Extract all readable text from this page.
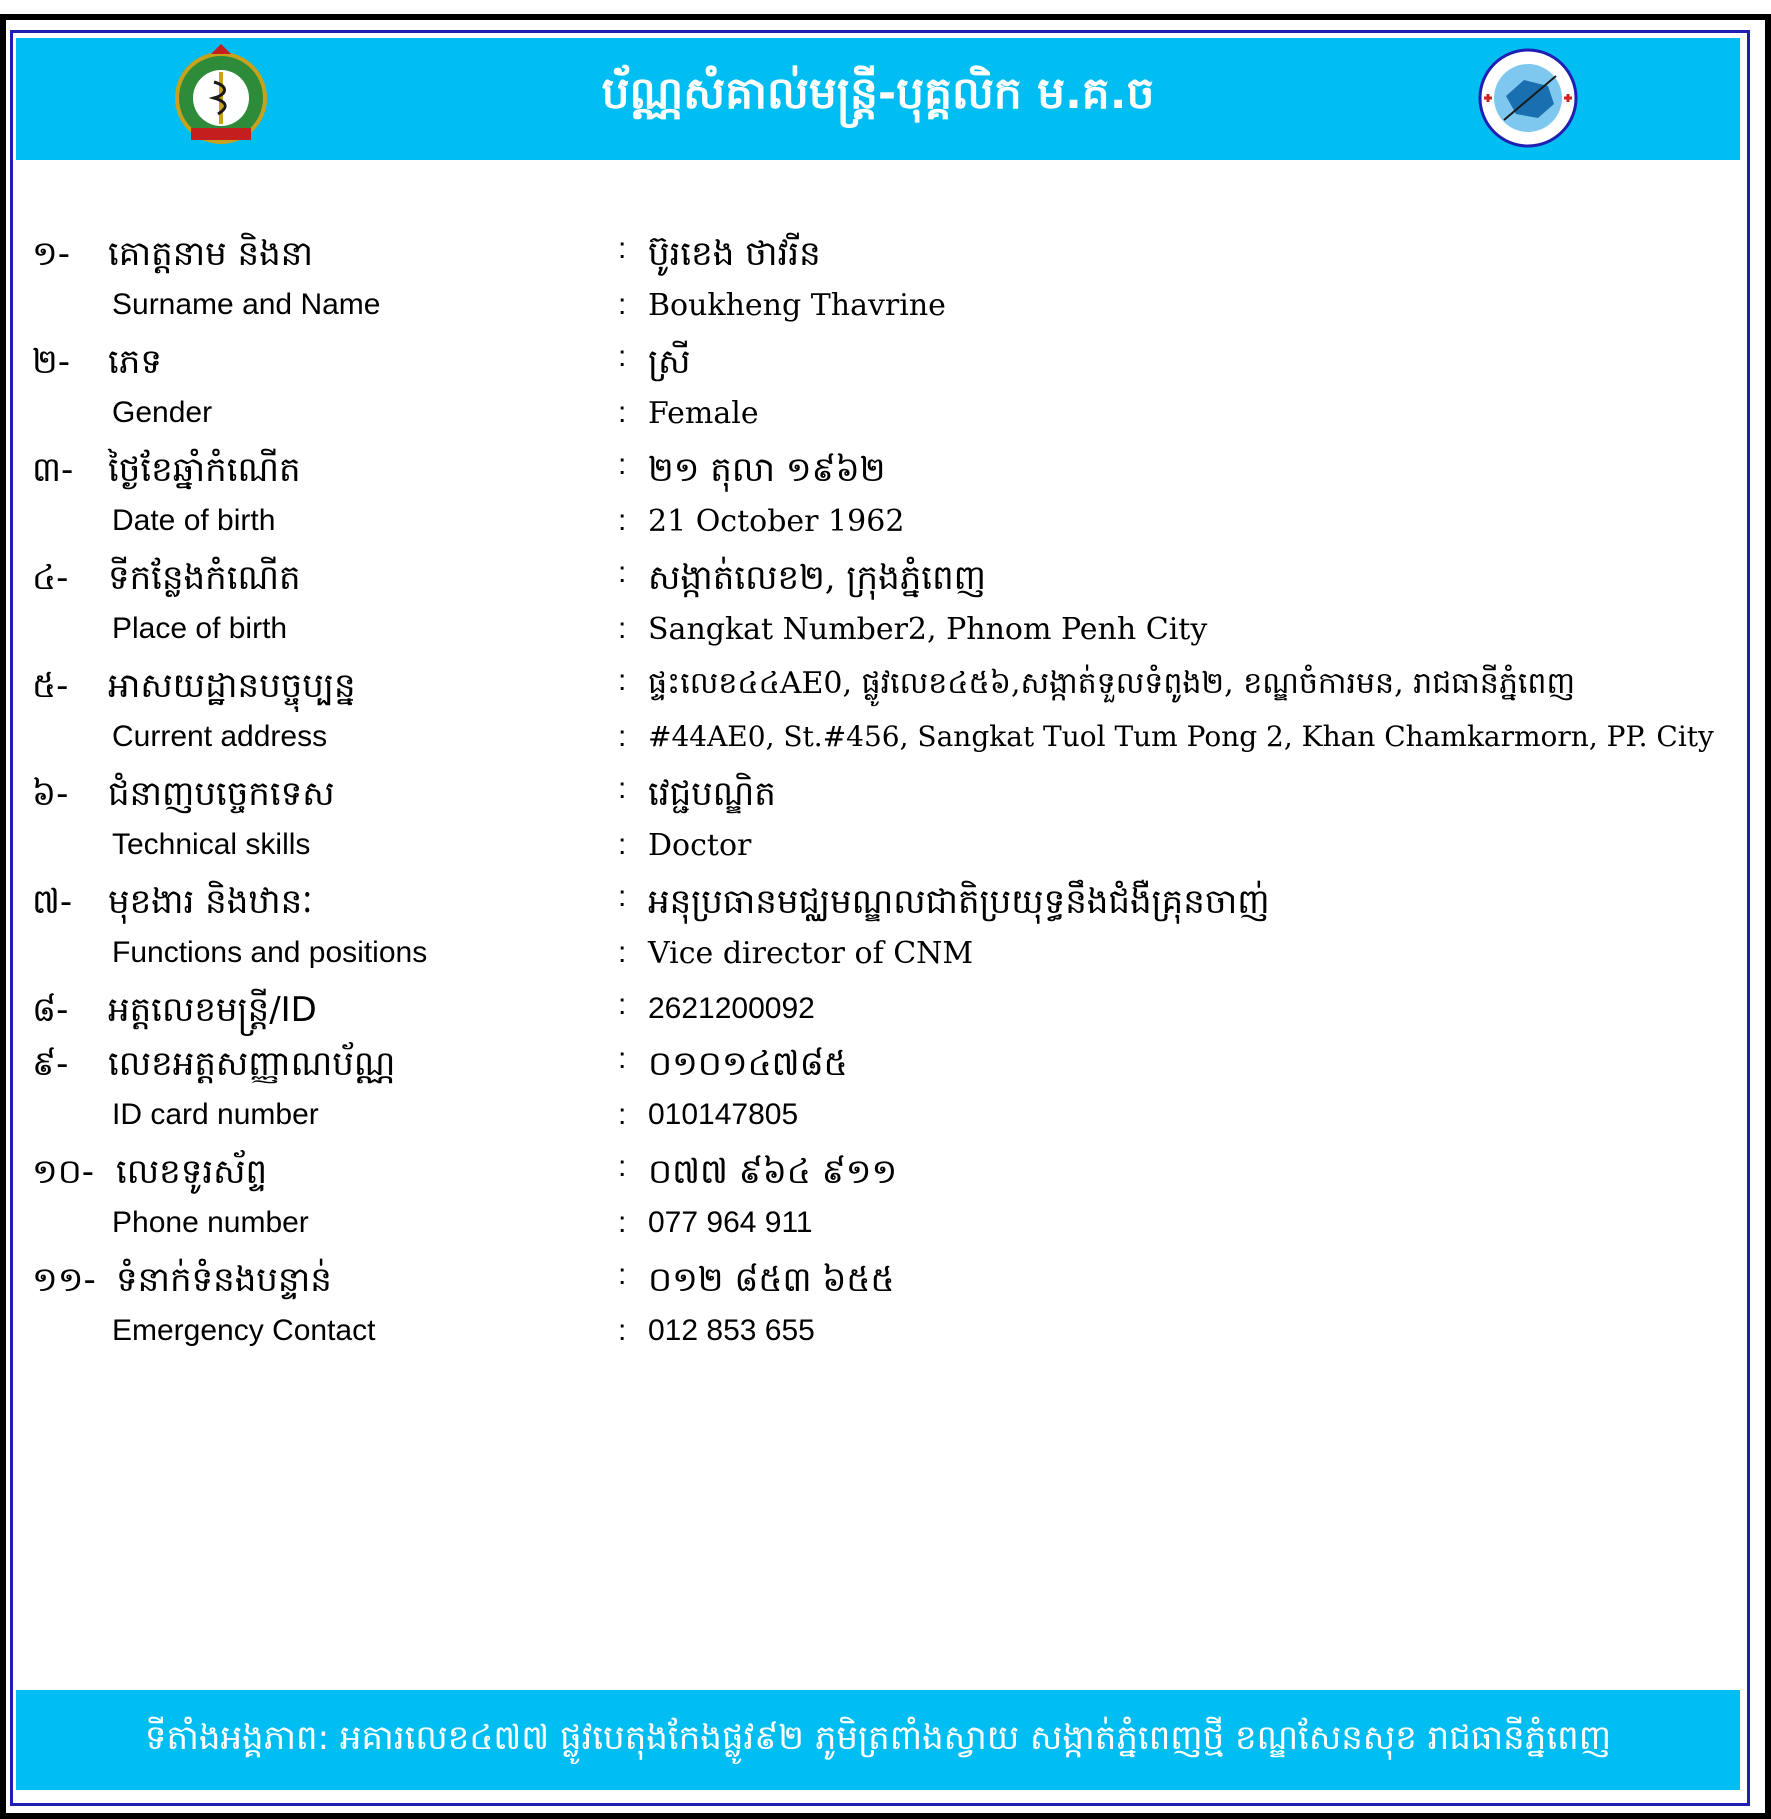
ប័ណ្ណសំគាល់មន្ត្រី-បុគ្គលិក ម.គ.ច
១- គោត្តនាម និងនា	: ប៊ូរខេង ថាវរីន
Surname and Name	: Boukheng Thavrine
២- ភេទ	: ស្រី
Gender	: Female
៣- ថ្ងៃខែឆ្នាំកំណើត	: ២១ តុលា ១៩៦២
Date of birth	: 21 October 1962
៤- ទីកន្លែងកំណើត	: សង្កាត់លេខ២, ក្រុងភ្នំពេញ
Place of birth	: Sangkat Number2, Phnom Penh City
៥- អាសយដ្ឋានបច្ចុប្បន្ន	: ផ្ទះលេខ៤៤AE0, ផ្លូវលេខ៤៥៦,សង្កាត់ទួលទំពូង២, ខណ្ឌចំការមន, រាជធានីភ្នំពេញ
Current address	: #44AE0, St.#456, Sangkat Tuol Tum Pong 2, Khan Chamkarmorn, PP. City
៦- ជំនាញបច្ចេកទេស	: វេជ្ជបណ្ឌិត
Technical skills	: Doctor
៧- មុខងារ និងឋានៈ	: អនុប្រធានមជ្ឈមណ្ឌលជាតិប្រយុទ្ធនឹងជំងឺគ្រុនចាញ់
Functions and positions	: Vice director of CNM
៨- អត្តលេខមន្ត្រី/ID	: 2621200092
៩- លេខអត្តសញ្ញាណប័ណ្ណ	: ០១០១៤៧៨៥
ID card number	: 010147805
១០- លេខទូរស័ព្ទ	: ០៧៧ ៩៦៤ ៩១១
Phone number	: 077 964 911
១១- ទំនាក់ទំនងបន្ទាន់	: ០១២ ៨៥៣ ៦៥៥
Emergency Contact	: 012 853 655
ទីតាំងអង្គភាព: អគារលេខ៤៧៧ ផ្លូវបេតុងកែងផ្លូវ៩២ ភូមិត្រពាំងស្វាយ សង្កាត់ភ្នំពេញថ្មី ខណ្ឌសែនសុខ រាជធានីភ្នំពេញ
